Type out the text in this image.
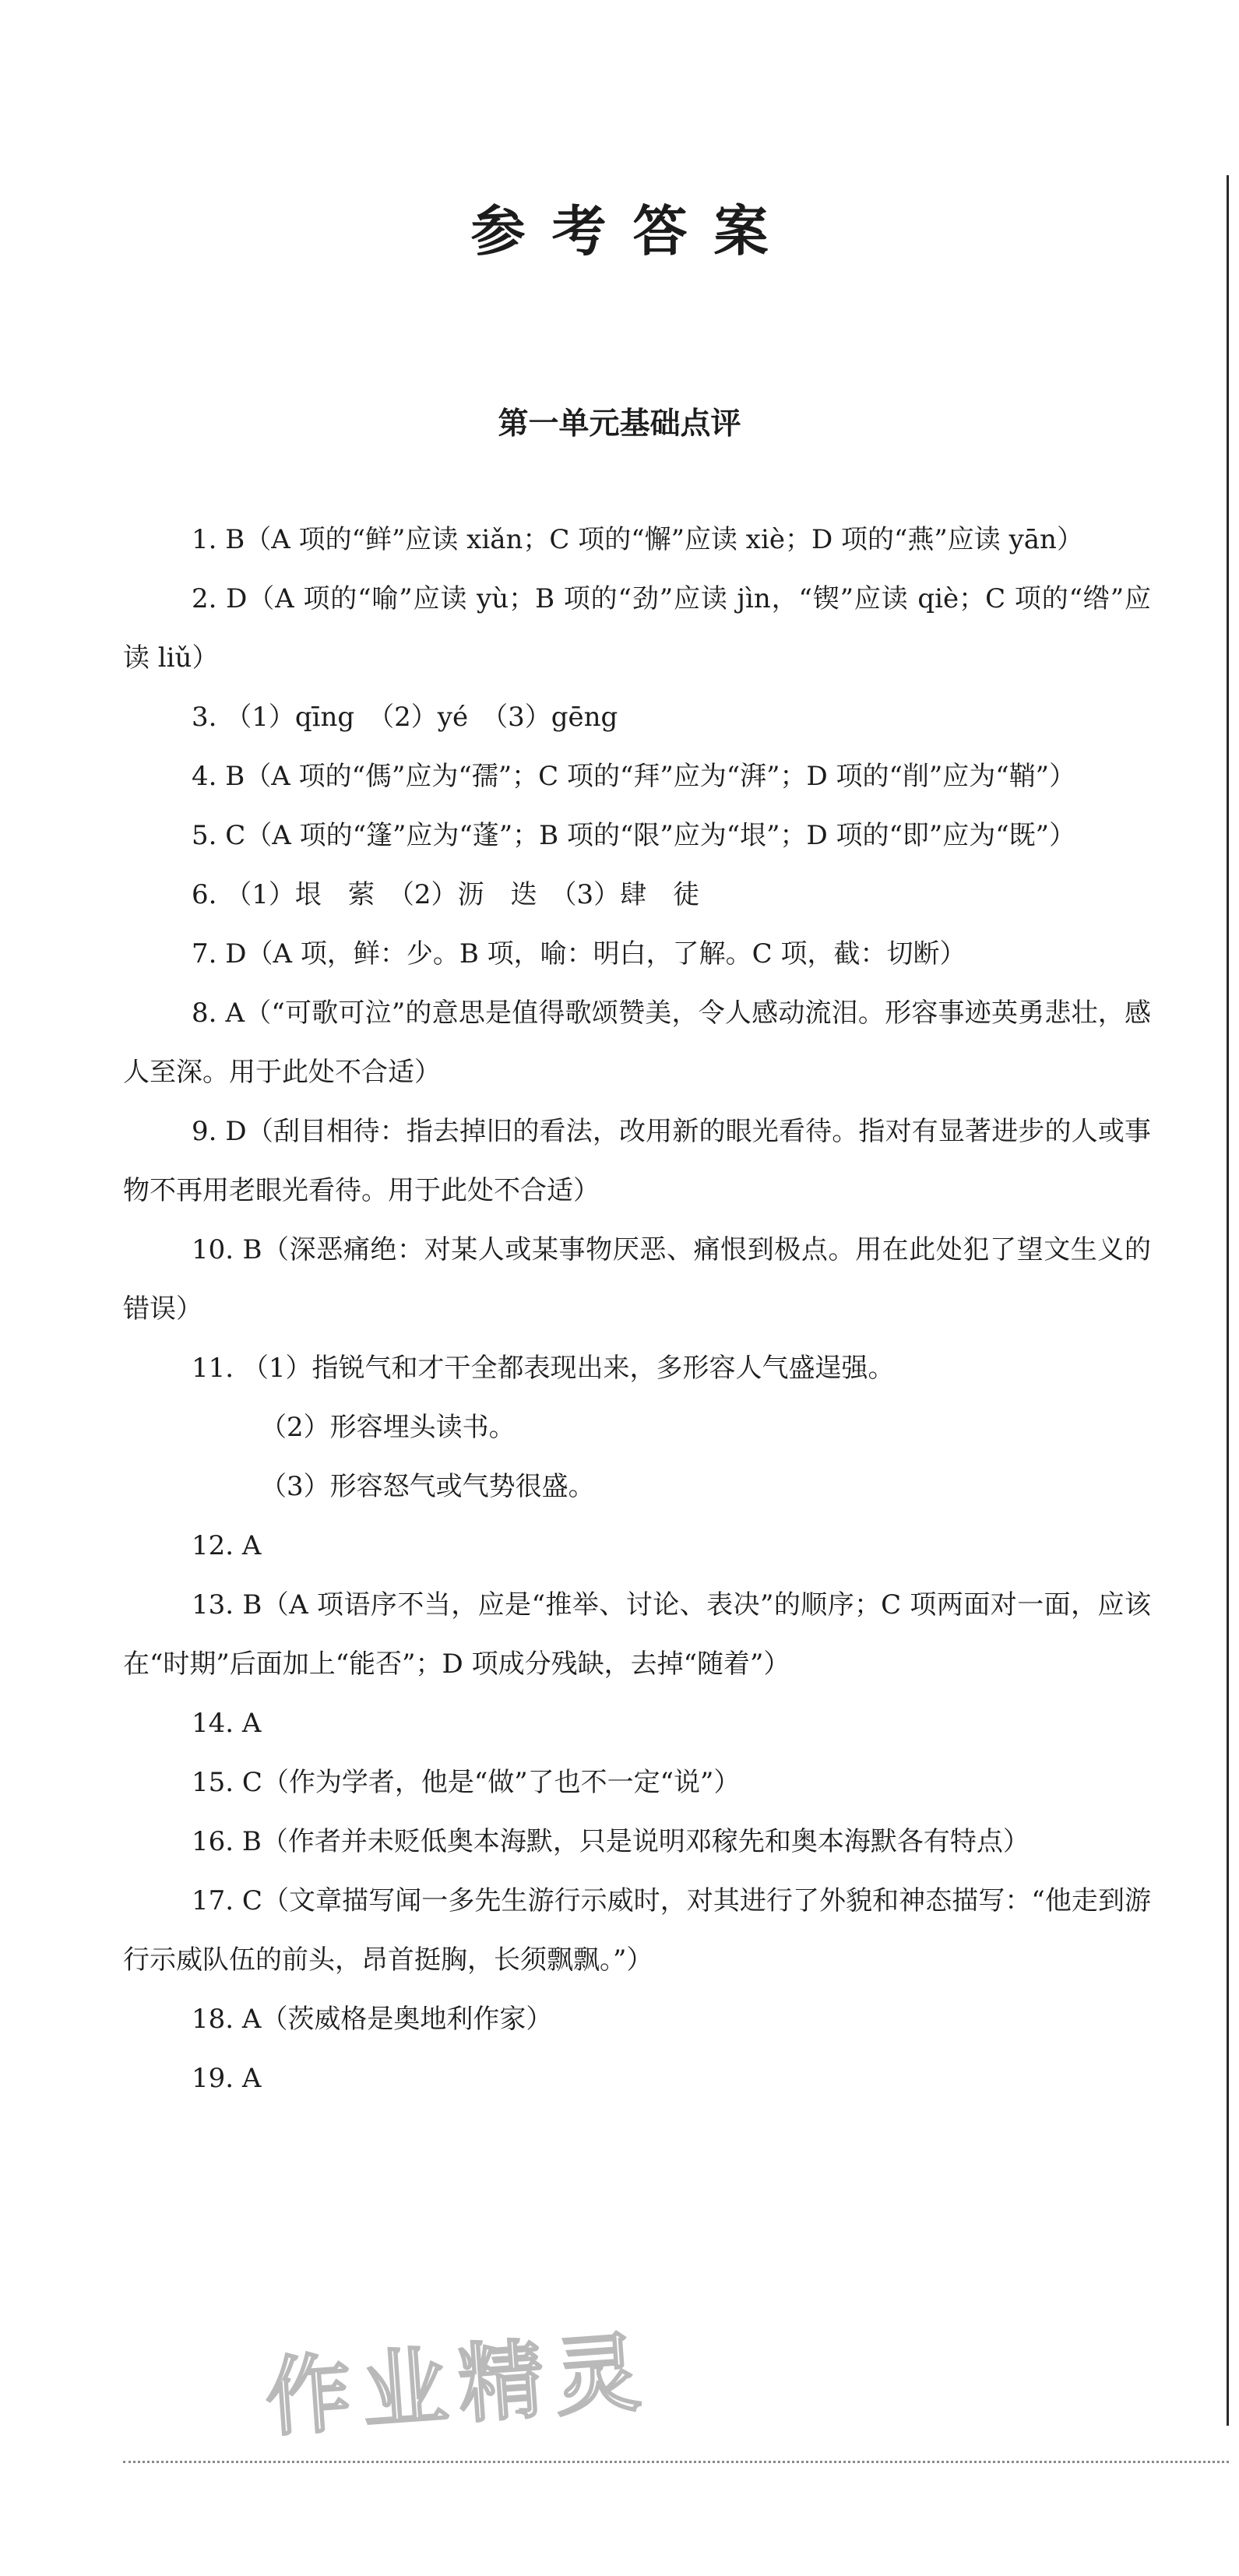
参考答案
第一单元基础点评

1. B（A 项的“鲜”应读 xiǎn；C 项的“懈”应读 xiè；D 项的“燕”应读 yān）

2. D（A 项的“喻”应读 yù；B 项的“劲”应读 jìn，“锲”应读 qiè；C 项的“绺”应读 liǔ）

3. （1）qīng　（2）yé　（3）gēng

4. B（A 项的“傌”应为“孺”；C 项的“拜”应为“湃”；D 项的“削”应为“鞘”）

5. C（A 项的“篷”应为“蓬”；B 项的“限”应为“垠”；D 项的“即”应为“既”）

6. （1）垠　萦　（2）沥　迭　（3）肆　徒

7. D（A 项，鲜：少。B 项，喻：明白，了解。C 项，截：切断）

8. A（“可歌可泣”的意思是值得歌颂赞美，令人感动流泪。形容事迹英勇悲壮，感人至深。用于此处不合适）

9. D（刮目相待：指去掉旧的看法，改用新的眼光看待。指对有显著进步的人或事物不再用老眼光看待。用于此处不合适）

10. B（深恶痛绝：对某人或某事物厌恶、痛恨到极点。用在此处犯了望文生义的错误）

11. （1）指锐气和才干全都表现出来，多形容人气盛逞强。

（2）形容埋头读书。

（3）形容怒气或气势很盛。

12. A

13. B（A 项语序不当，应是“推举、讨论、表决”的顺序；C 项两面对一面，应该在“时期”后面加上“能否”；D 项成分残缺，去掉“随着”）

14. A

15. C（作为学者，他是“做”了也不一定“说”）

16. B（作者并未贬低奥本海默，只是说明邓稼先和奥本海默各有特点）

17. C（文章描写闻一多先生游行示威时，对其进行了外貌和神态描写：“他走到游行示威队伍的前头，昂首挺胸，长须飘飘。”）

18. A（茨威格是奥地利作家）

19. A

作业精灵
